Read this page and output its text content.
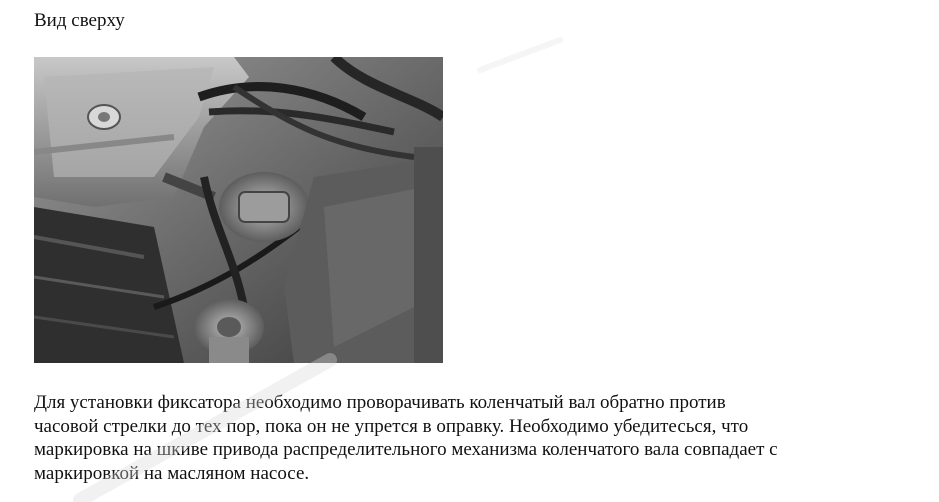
Вид сверху

Для установки фиксатора необходимо проворачивать коленчатый вал обратно против
часовой стрелки до тех пор, пока он не упрется в оправку. Необходимо убедитесься, что
маркировка на шкиве привода распределительного механизма коленчатого вала совпадает с
маркировкой на масляном насосе.
